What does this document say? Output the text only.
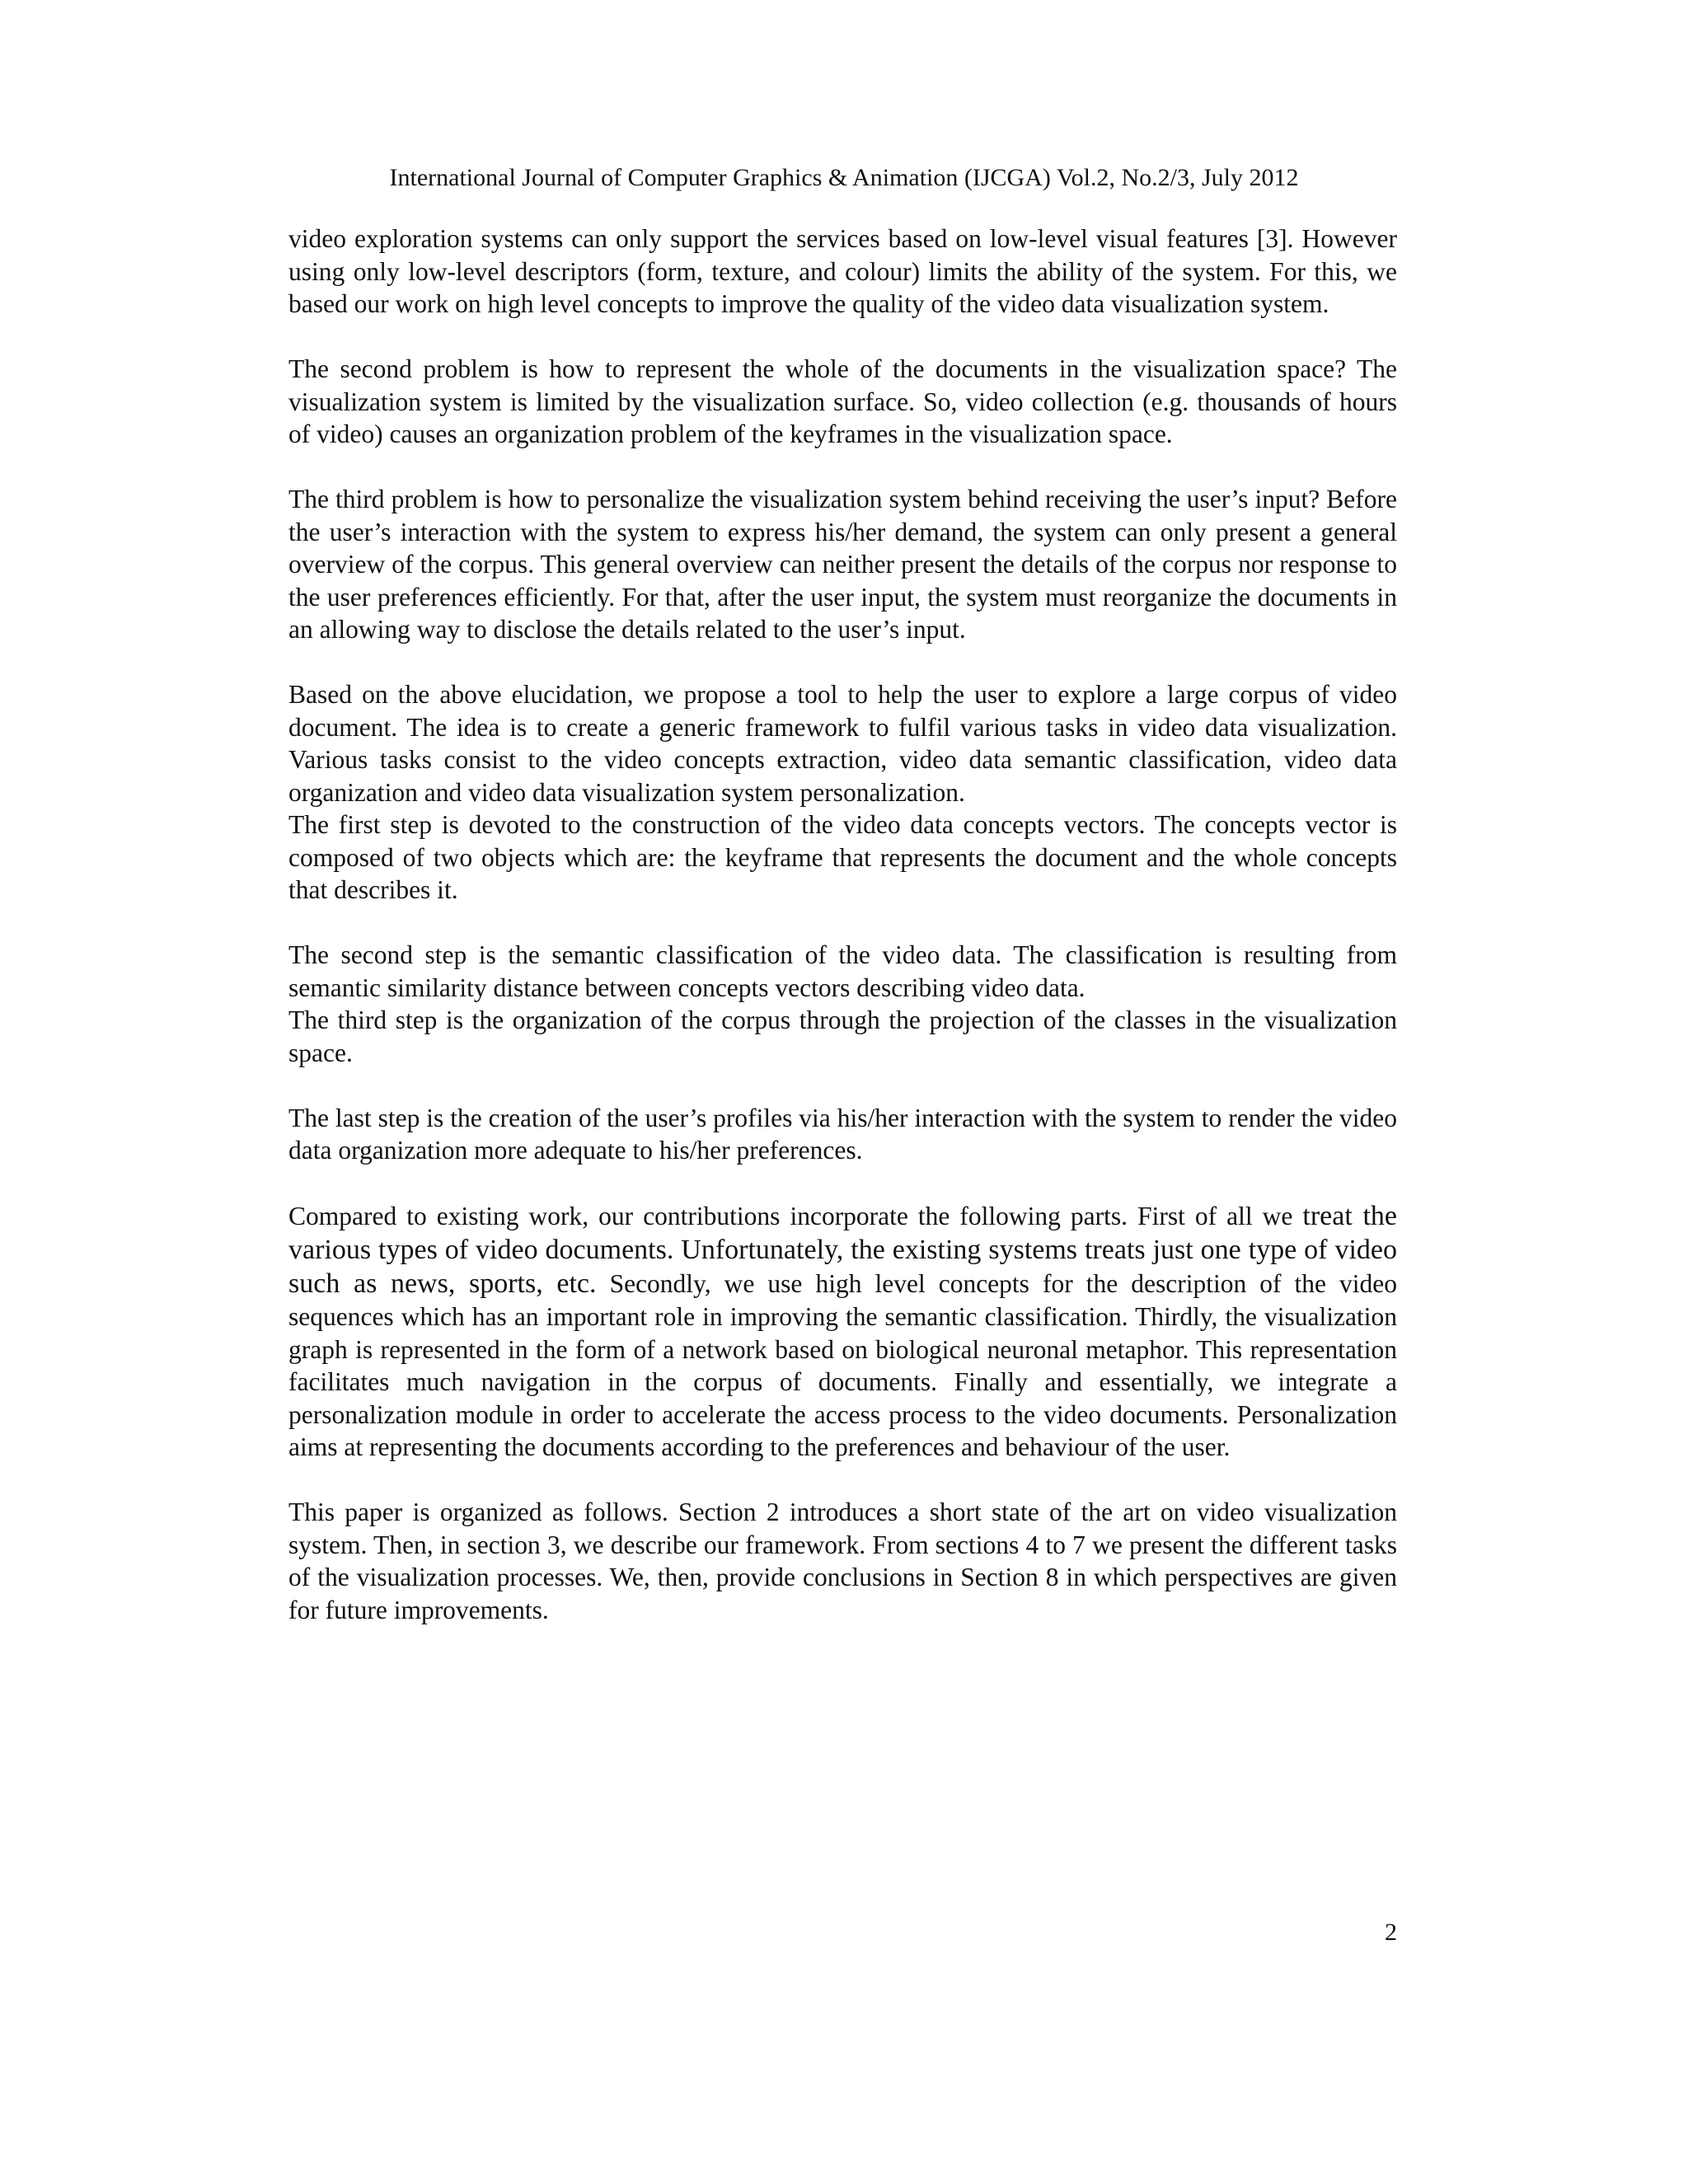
International Journal of Computer Graphics & Animation (IJCGA) Vol.2, No.2/3, July 2012

video exploration systems can only support the services based on low-level visual features [3]. However using only low-level descriptors (form, texture, and colour) limits the ability of the system. For this, we based our work on high level concepts to improve the quality of the video data visualization system.

The second problem is how to represent the whole of the documents in the visualization space? The visualization system is limited by the visualization surface. So, video collection (e.g. thousands of hours of video) causes an organization problem of the keyframes in the visualization space.

The third problem is how to personalize the visualization system behind receiving the user’s input? Before the user’s interaction with the system to express his/her demand, the system can only present a general overview of the corpus. This general overview can neither present the details of the corpus nor response to the user preferences efficiently. For that, after the user input, the system must reorganize the documents in an allowing way to disclose the details related to the user’s input.

Based on the above elucidation, we propose a tool to help the user to explore a large corpus of video document. The idea is to create a generic framework to fulfil various tasks in video data visualization. Various tasks consist to the video concepts extraction, video data semantic classification, video data organization and video data visualization system personalization.

The first step is devoted to the construction of the video data concepts vectors. The concepts vector is composed of two objects which are: the keyframe that represents the document and the whole concepts that describes it.

The second step is the semantic classification of the video data. The classification is resulting from semantic similarity distance between concepts vectors describing video data.

The third step is the organization of the corpus through the projection of the classes in the visualization space.

The last step is the creation of the user’s profiles via his/her interaction with the system to render the video data organization more adequate to his/her preferences.

Compared to existing work, our contributions incorporate the following parts. First of all we treat the various types of video documents. Unfortunately, the existing systems treats just one type of video such as news, sports, etc. Secondly, we use high level concepts for the description of the video sequences which has an important role in improving the semantic classification. Thirdly, the visualization graph is represented in the form of a network based on biological neuronal metaphor. This representation facilitates much navigation in the corpus of documents. Finally and essentially, we integrate a personalization module in order to accelerate the access process to the video documents. Personalization aims at representing the documents according to the preferences and behaviour of the user.

This paper is organized as follows. Section 2 introduces a short state of the art on video visualization system. Then, in section 3, we describe our framework. From sections 4 to 7 we present the different tasks of the visualization processes. We, then, provide conclusions in Section 8 in which perspectives are given for future improvements.

2
